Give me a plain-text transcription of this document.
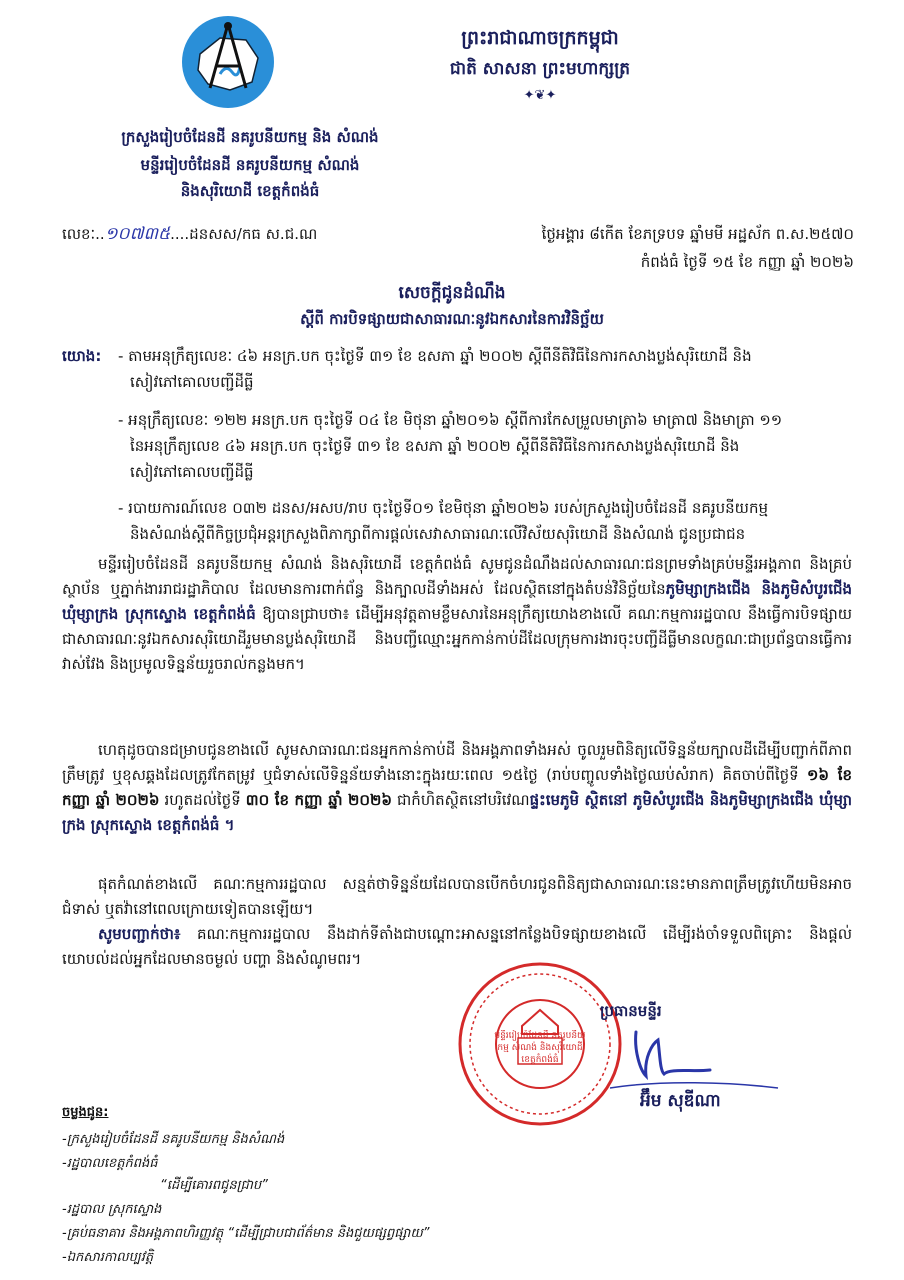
ព្រះរាជាណាចក្រកម្ពុជា
ជាតិ សាសនា ព្រះមហាក្សត្រ
✦❦✦
ក្រសួងរៀបចំដែនដី នគរូបនីយកម្ម និង សំណង់
មន្ទីររៀបចំដែនដី នគរូបនីយកម្ម សំណង់
និងសុរិយោដី ខេត្តកំពង់ធំ
លេខៈ..១០៧៣៥....ដនសស/កធ ស.ជ.ណ	ថ្ងៃអង្គារ ៨កើត ខែភទ្របទ ឆ្នាំមមី អដ្ឋស័ក ព.ស.២៥៧០
កំពង់ធំ ថ្ងៃទី ១៥ ខែ កញ្ញា ឆ្នាំ ២០២៦
សេចក្តីជូនដំណឹង
ស្តីពី ការបិទផ្សាយជាសាធារណៈនូវឯកសារនៃការវិនិច្ឆ័យ
យោង: - តាមអនុក្រឹត្យលេខៈ ៤៦ អនក្រ.បក ចុះថ្ងៃទី ៣១ ខែ ឧសភា ឆ្នាំ ២០០២ ស្តីពីនីតិវិធីនៃការកសាងប្លង់សុរិយោដី និង
សៀវភៅគោលបញ្ជីដីធ្លី
- អនុក្រឹត្យលេខៈ ១២២ អនក្រ.បក ចុះថ្ងៃទី ០៤ ខែ មិថុនា ឆ្នាំ២០១៦ ស្តីពីការកែសម្រួលមាត្រា៦ មាត្រា៧ និងមាត្រា ១១
នៃអនុក្រឹត្យលេខ ៤៦ អនក្រ.បក ចុះថ្ងៃទី ៣១ ខែ ឧសភា ឆ្នាំ ២០០២ ស្តីពីនីតិវិធីនៃការកសាងប្លង់សុរិយោដី និង
សៀវភៅគោលបញ្ជីដីធ្លី
- របាយការណ៍លេខ ០៣២ ដនស/អសប/រាប ចុះថ្ងៃទី០១ ខែមិថុនា ឆ្នាំ២០២៦ របស់ក្រសួងរៀបចំដែនដី នគរូបនីយកម្ម
និងសំណង់ស្តីពីកិច្ចប្រជុំអន្តរក្រសួងពិភាក្សាពីការផ្តល់សេវាសាធារណៈលើវិស័យសុរិយោដី និងសំណង់ ជូនប្រជាជន
មន្ទីររៀបចំដែនដី នគរូបនីយកម្ម សំណង់ និងសុរិយោដី ខេត្តកំពង់ធំ សូមជូនដំណឹងដល់សាធារណៈជនព្រមទាំងគ្រប់មន្ទីរអង្គភាព និងគ្រប់ស្ថាប័ន ឬភ្នាក់ងាររាជរដ្ឋាភិបាល ដែលមានការពាក់ព័ន្ធ និងក្បាលដីទាំងអស់ ដែលស្ថិតនៅក្នុងតំបន់វិនិច្ឆ័យនៃភូមិម្សាក្រងជើង និងភូមិសំបូរជើង ឃុំម្សាក្រង ស្រុកស្ទោង ខេត្តកំពង់ធំ ឱ្យបានជ្រាបថា៖ ដើម្បីអនុវត្តតាមខ្លឹមសារនៃអនុក្រឹត្យយោងខាងលើ គណៈកម្មការរដ្ឋបាល នឹងធ្វើការបិទផ្សាយជាសាធារណៈនូវឯកសារសុរិយោដីរួមមានប្លង់សុរិយោដី និងបញ្ជីឈ្មោះអ្នកកាន់កាប់ដីដែលក្រុមការងារចុះបញ្ជីដីធ្លីមានលក្ខណៈជាប្រព័ន្ធបានធ្វើការវាស់វែង និងប្រមូលទិន្នន័យរួចរាល់កន្លងមក។
ហេតុដូចបានជម្រាបជូនខាងលើ សូមសាធារណៈជនអ្នកកាន់កាប់ដី និងអង្គភាពទាំងអស់ ចូលរួមពិនិត្យលើទិន្នន័យក្បាលដីដើម្បីបញ្ជាក់ពីភាពត្រឹមត្រូវ ឬខុសឆ្គងដែលត្រូវកែតម្រូវ ឬជំទាស់លើទិន្នន័យទាំងនោះក្នុងរយៈពេល ១៥ថ្ងៃ (រាប់បញ្ចូលទាំងថ្ងៃឈប់សំរាក) គិតចាប់ពីថ្ងៃទី ១៦ ខែ កញ្ញា ឆ្នាំ ២០២៦ រហូតដល់ថ្ងៃទី ៣០ ខែ កញ្ញា ឆ្នាំ ២០២៦ ជាកំហិតស្ថិតនៅបរិវេណផ្ទះមេភូមិ ស្ថិតនៅ ភូមិសំបូរជើង និងភូមិម្សាក្រងជើង ឃុំម្សាក្រង ស្រុកស្ទោង ខេត្តកំពង់ធំ ។
ផុតកំណត់ខាងលើ គណៈកម្មការរដ្ឋបាល សន្មត់ថាទិន្នន័យដែលបានបើកចំហរជូនពិនិត្យជាសាធារណៈនេះមានភាពត្រឹមត្រូវហើយមិនអាចជំទាស់ ឬតវ៉ានៅពេលក្រោយទៀតបានឡើយ។
សូមបញ្ជាក់ថា៖ គណៈកម្មការរដ្ឋបាល នឹងដាក់ទីតាំងជាបណ្តោះអាសន្ននៅកន្លែងបិទផ្សាយខាងលើ ដើម្បីរង់ចាំទទួលពិគ្រោះ និងផ្តល់យោបល់ដល់អ្នកដែលមានចម្ងល់ បញ្ហា និងសំណូមពរ។
មន្ទីររៀបចំដែនដី នគរូបនីយកម្ម សំណង់ និងសុរិយោដី ខេត្តកំពង់ធំ
ប្រធានមន្ទីរ
អ៊ឹម សុឌីណា
ចម្លងជូន:
-ក្រសួងរៀបចំដែនដី នគរូបនីយកម្ម និងសំណង់
-រដ្ឋបាលខេត្តកំពង់ធំ
“ដើម្បីគោរពជូនជ្រាប”
-រដ្ឋបាល ស្រុកស្ទោង
-គ្រប់ធនាគារ និងអង្គភាពហិរញ្ញវត្ថុ “ដើម្បីជ្រាបជាព័ត៌មាន និងជួយផ្សព្វផ្សាយ”
-ឯកសារកាលប្បវត្តិ
